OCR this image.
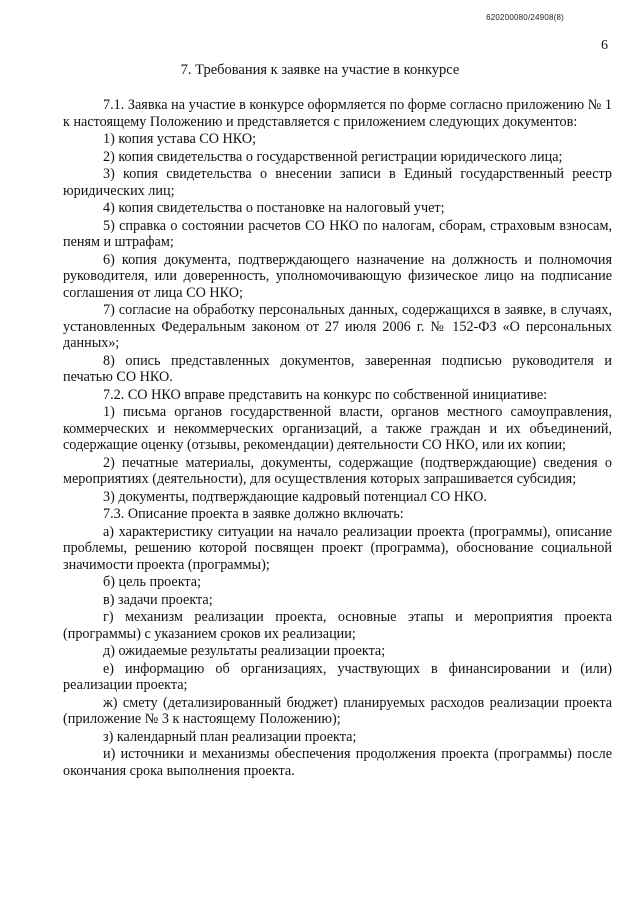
620200080/24908(8)
6
7. Требования к заявке на участие в конкурсе

7.1. Заявка на участие в конкурсе оформляется по форме согласно приложению № 1 к настоящему Положению и представляется с приложением следующих документов:

1) копия устава СО НКО;

2) копия свидетельства о государственной регистрации юридического лица;

3) копия свидетельства о внесении записи в Единый государственный реестр юридических лиц;

4) копия свидетельства о постановке на налоговый учет;

5) справка о состоянии расчетов СО НКО по налогам, сборам, страховым взносам, пеням и штрафам;

6) копия документа, подтверждающего назначение на должность и полномочия руководителя, или доверенность, уполномочивающую физическое лицо на подписание соглашения от лица СО НКО;

7) согласие на обработку персональных данных, содержащихся в заявке, в случаях, установленных Федеральным законом от 27 июля 2006 г. № 152-ФЗ «О персональных данных»;

8) опись представленных документов, заверенная подписью руководителя и печатью СО НКО.

7.2. СО НКО вправе представить на конкурс по собственной инициативе:

1) письма органов государственной власти, органов местного самоуправления, коммерческих и некоммерческих организаций, а также граждан и их объединений, содержащие оценку (отзывы, рекомендации) деятельности СО НКО, или их копии;

2) печатные материалы, документы, содержащие (подтверждающие) сведения о мероприятиях (деятельности), для осуществления которых запрашивается субсидия;

3) документы, подтверждающие кадровый потенциал СО НКО.

7.3. Описание проекта в заявке должно включать:

а) характеристику ситуации на начало реализации проекта (программы), описание проблемы, решению которой посвящен проект (программа), обоснование социальной значимости проекта (программы);

б) цель проекта;

в) задачи проекта;

г) механизм реализации проекта, основные этапы и мероприятия проекта (программы) с указанием сроков их реализации;

д) ожидаемые результаты реализации проекта;

е) информацию об организациях, участвующих в финансировании и (или) реализации проекта;

ж) смету (детализированный бюджет) планируемых расходов реализации проекта (приложение № 3 к настоящему Положению);

з) календарный план реализации проекта;

и) источники и механизмы обеспечения продолжения проекта (программы) после окончания срока выполнения проекта.
